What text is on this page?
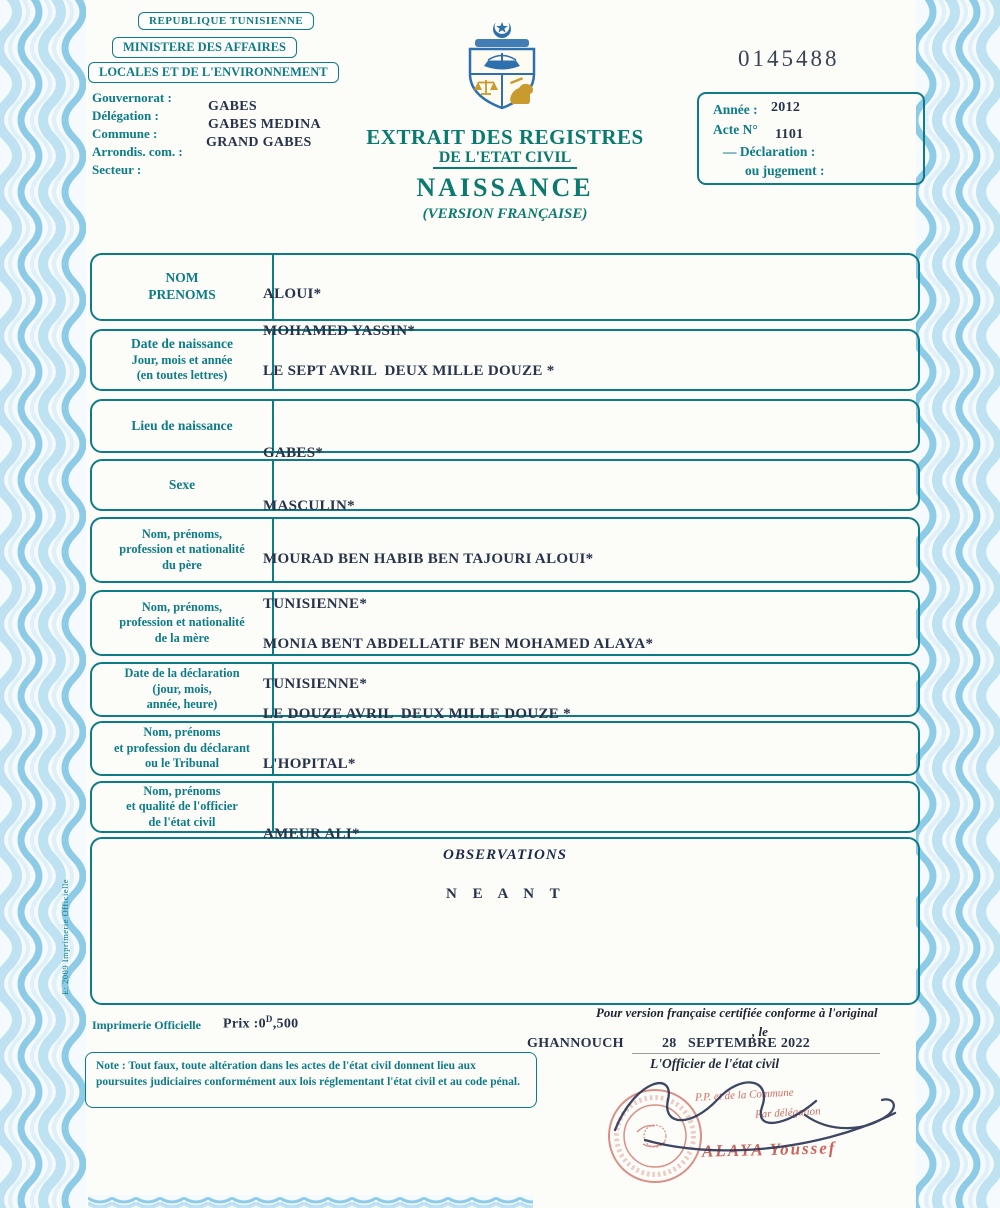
REPUBLIQUE TUNISIENNE
MINISTERE DES AFFAIRES
LOCALES ET DE L'ENVIRONNEMENT
Gouvernorat :
Délégation :
Commune :
Arrondis. com. :
Secteur :
GABES
GABES MEDINA
GRAND GABES	EXTRAIT DES REGISTRES
DE L'ETAT CIVIL
NAISSANCE
(VERSION FRANÇAISE)
0145488
Année : 2012
Acte N° 1101
— Déclaration :
ou jugement :
NOM
PRENOMS
Date de naissance
Jour, mois et année
(en toutes lettres)
Lieu de naissance
Sexe
Nom, prénoms,
profession et nationalité
du père
Nom, prénoms,
profession et nationalité
de la mère
Date de la déclaration
(jour, mois,
année, heure)
Nom, prénoms
et profession du déclarant
ou le Tribunal
Nom, prénoms
et qualité de l'officier
de l'état civil
ALOUI*
MOHAMED YASSIN*
LE SEPT AVRIL  DEUX MILLE DOUZE *
GABES*
MASCULIN*
MOURAD BEN HABIB BEN TAJOURI ALOUI*
TUNISIENNE*
MONIA BENT ABDELLATIF BEN MOHAMED ALAYA*
TUNISIENNE*
LE DOUZE AVRIL  DEUX MILLE DOUZE *
L'HOPITAL*
AMEUR ALI*
OBSERVATIONS
N E A N T
Imprimerie Officielle Prix $:0^D,500$
Pour version française certifiée conforme à l'original
, le
GHANNOUCH	28   SEPTEMBRE 2022
L'Officier de l'état civil
Note : Tout faux, toute altération dans les actes de l'état civil donnent lieu aux poursuites judiciaires conformément aux lois réglementant l'état civil et au code pénal.
E: 2009 Imprimerie Officielle
P.P. et de la Commune
Par délégation
ALAYA Youssef
